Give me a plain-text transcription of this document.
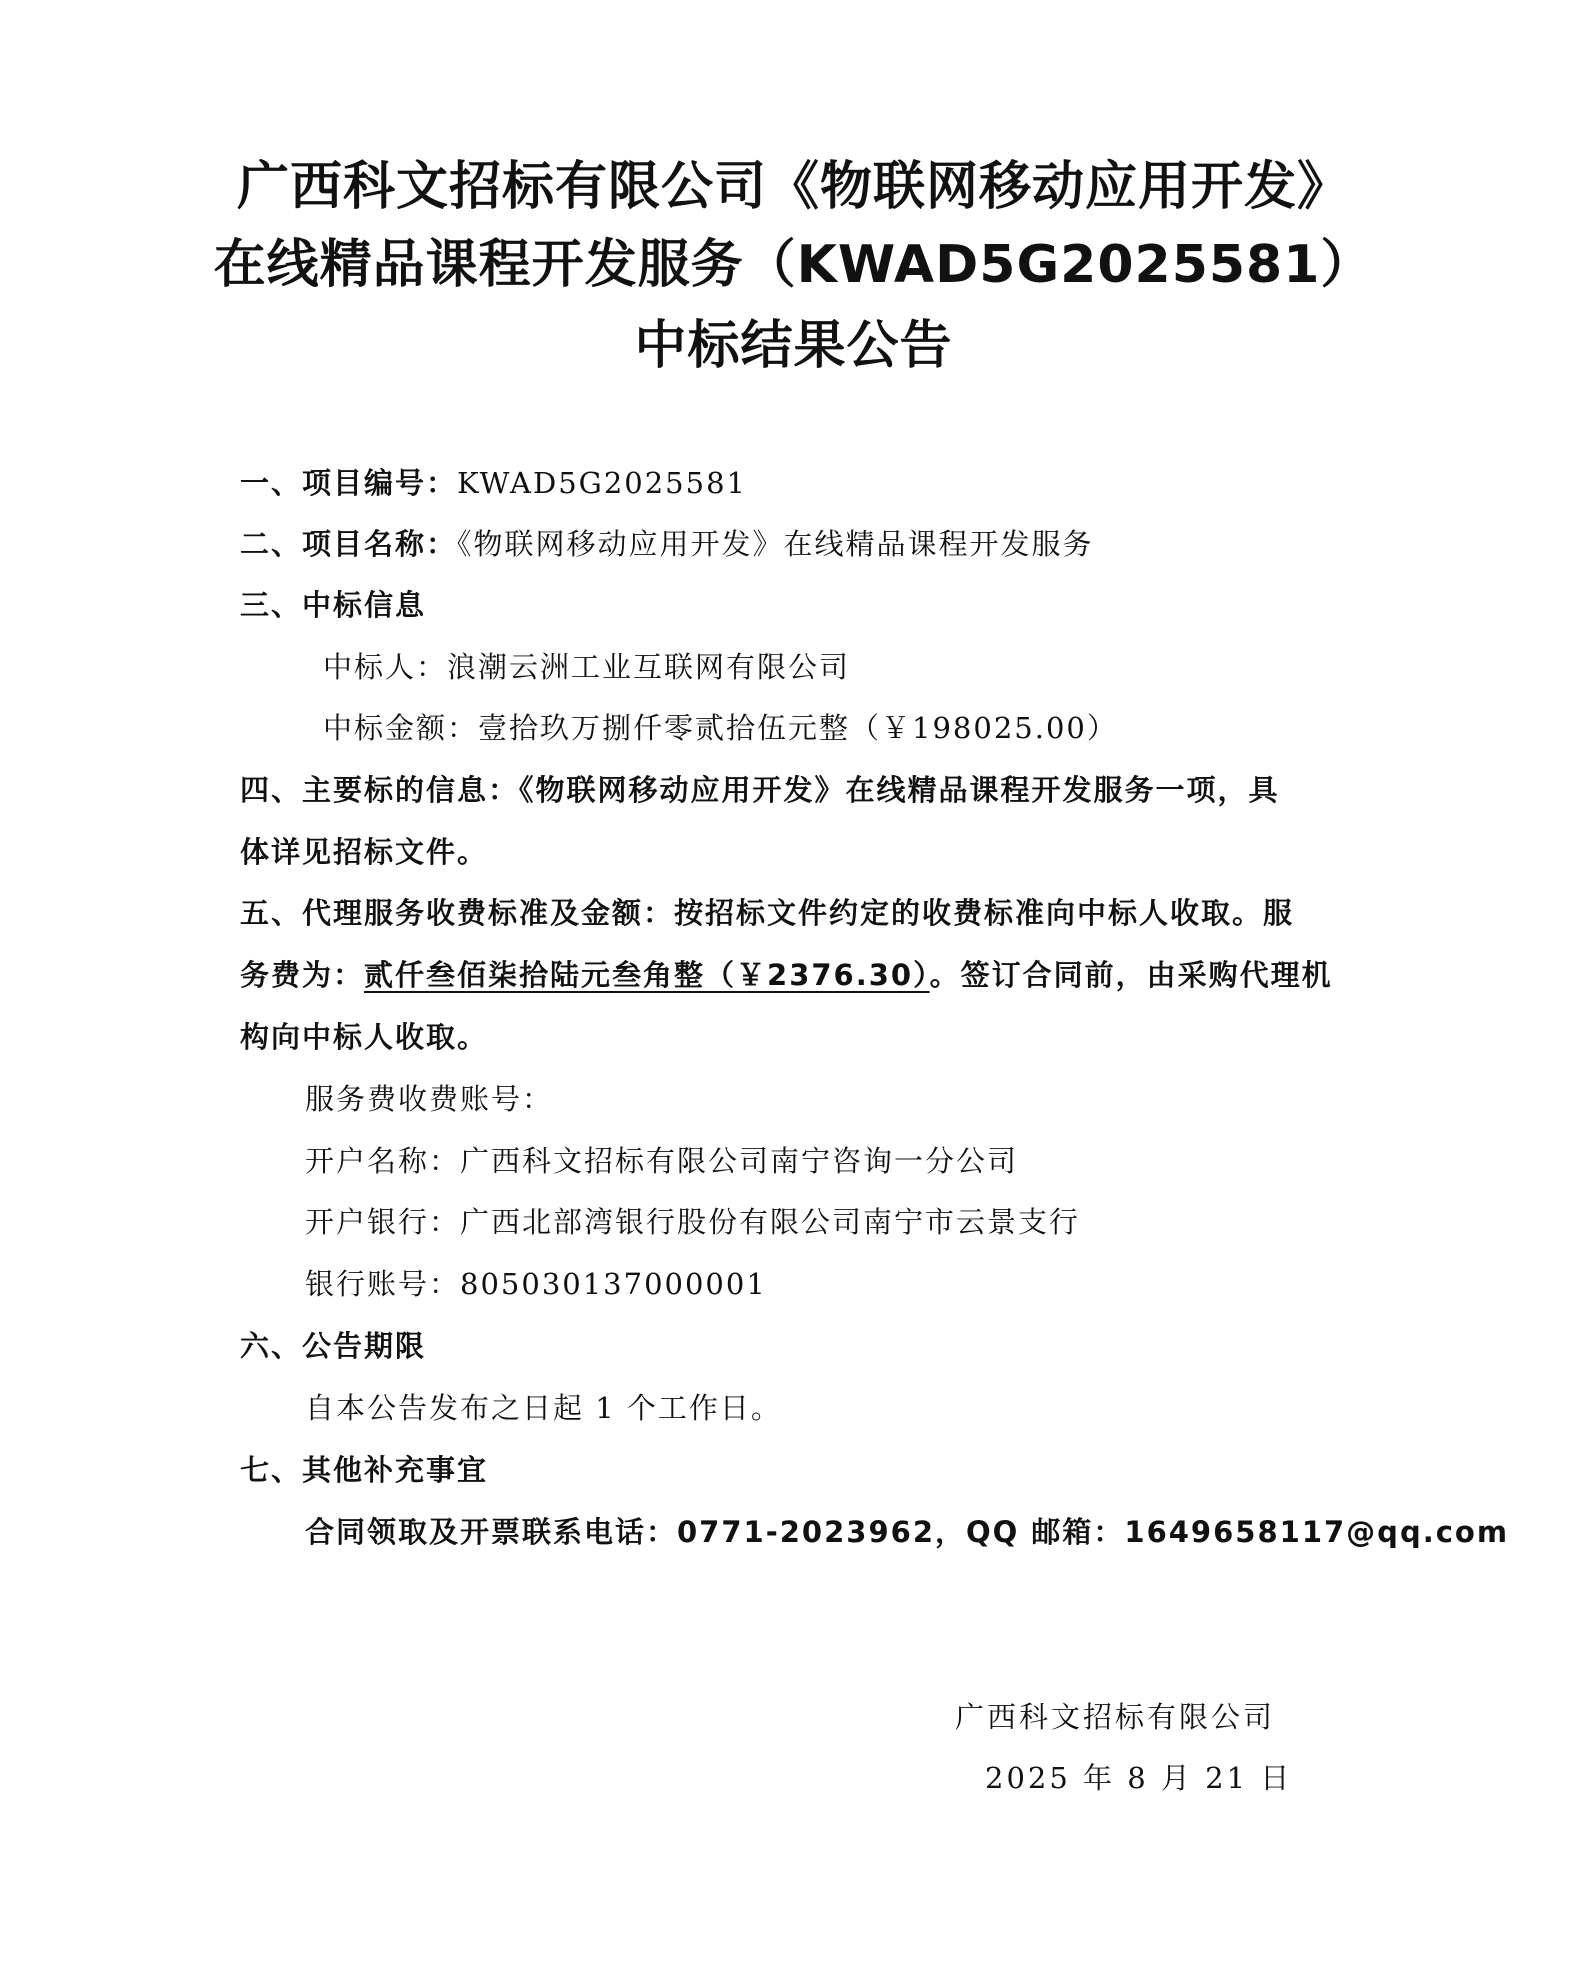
广西科文招标有限公司《物联网移动应用开发》
在线精品课程开发服务（KWAD5G2025581）
中标结果公告
一、项目编号：KWAD5G2025581
二、项目名称：《物联网移动应用开发》在线精品课程开发服务
三、中标信息
中标人：浪潮云洲工业互联网有限公司
中标金额：壹拾玖万捌仟零贰拾伍元整（￥198025.00）
四、主要标的信息：《物联网移动应用开发》在线精品课程开发服务一项，具
体详见招标文件。
五、代理服务收费标准及金额：按招标文件约定的收费标准向中标人收取。服
务费为：贰仟叁佰柒拾陆元叁角整（￥2376.30）。签订合同前，由采购代理机
构向中标人收取。
服务费收费账号：
开户名称：广西科文招标有限公司南宁咨询一分公司
开户银行：广西北部湾银行股份有限公司南宁市云景支行
银行账号：805030137000001
六、公告期限
自本公告发布之日起 1 个工作日。
七、其他补充事宜
合同领取及开票联系电话：0771-2023962，QQ 邮箱：1649658117@qq.com
广西科文招标有限公司
2025 年 8 月 21 日
